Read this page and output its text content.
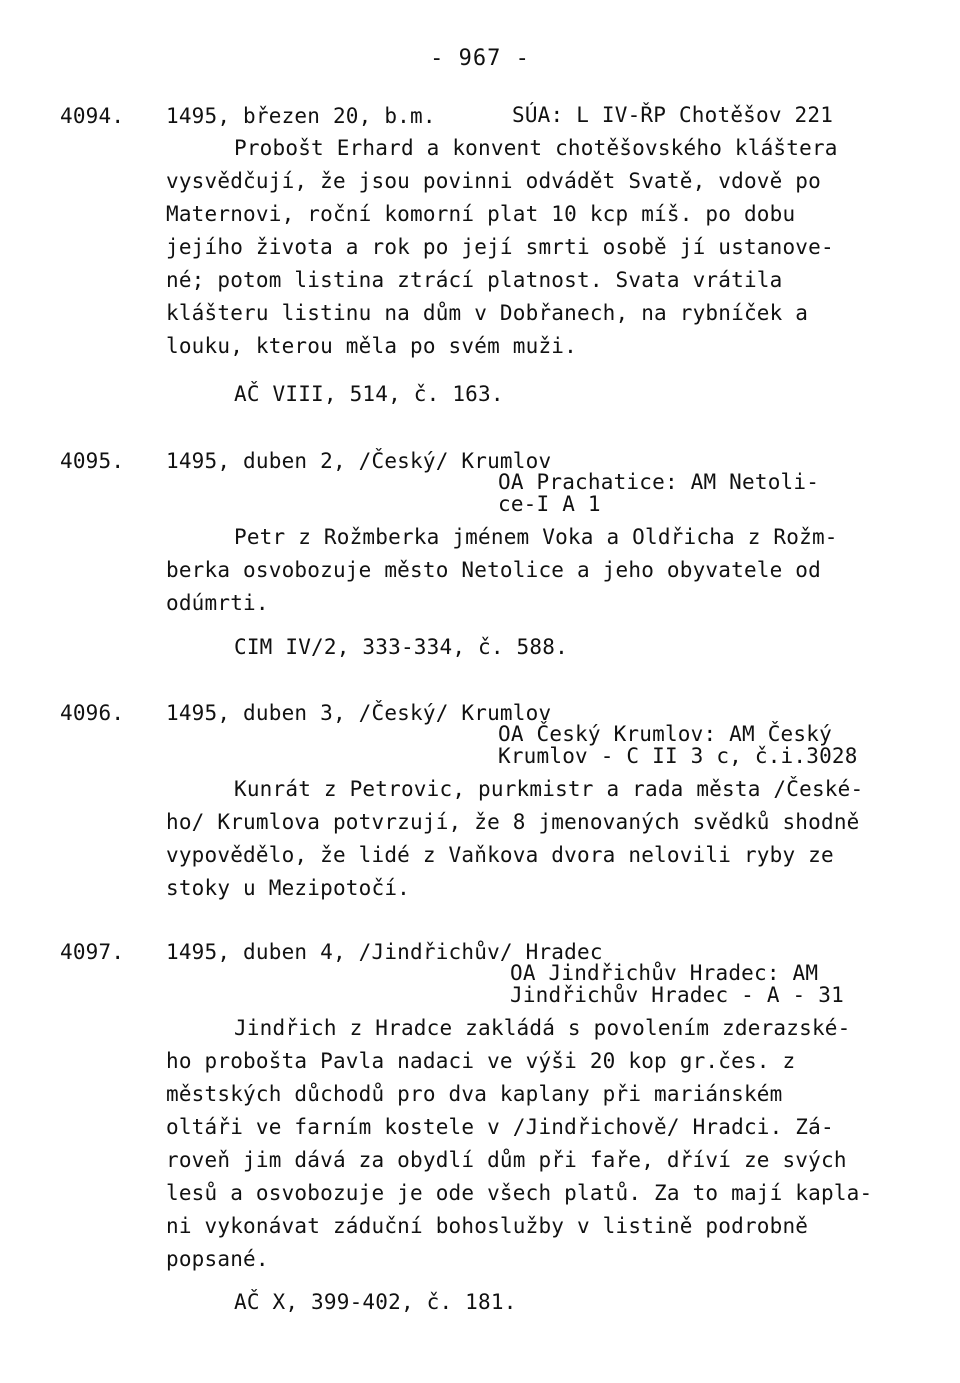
- 967 -
4094. 1495, březen 20, b.m.	SÚA: L IV-ŘP Chotěšov 221
Probošt Erhard a konvent chotěšovského kláštera
vysvědčují, že jsou povinni odvádět Svatě, vdově po
Maternovi, roční komorní plat 10 kcp míš. po dobu
jejího života a rok po její smrti osobě jí ustanove-
né; potom listina ztrácí platnost. Svata vrátila
klášteru listinu na dům v Dobřanech, na rybníček a
louku, kterou měla po svém muži.
AČ VIII, 514, č. 163.
4095. 1495, duben 2, /Český/ Krumlov
OA Prachatice: AM Netoli-
ce-I A 1
Petr z Rožmberka jménem Voka a Oldřicha z Rožm-
berka osvobozuje město Netolice a jeho obyvatele od
odúmrti.
CIM IV/2, 333-334, č. 588.
4096. 1495, duben 3, /Český/ Krumlov
OA Český Krumlov: AM Český
Krumlov - C II 3 c, č.i.3028
Kunrát z Petrovic, purkmistr a rada města /České-
ho/ Krumlova potvrzují, že 8 jmenovaných svědků shodně
vypovědělo, že lidé z Vaňkova dvora nelovili ryby ze
stoky u Mezipotočí.
4097. 1495, duben 4, /Jindřichův/ Hradec
OA Jindřichův Hradec: AM
Jindřichův Hradec - A - 31
Jindřich z Hradce zakládá s povolením zderazské-
ho probošta Pavla nadaci ve výši 20 kop gr.čes. z
městských důchodů pro dva kaplany při mariánském
oltáři ve farním kostele v /Jindřichově/ Hradci. Zá-
roveň jim dává za obydlí dům při faře, dříví ze svých
lesů a osvobozuje je ode všech platů. Za to mají kapla-
ni vykonávat záduční bohoslužby v listině podrobně
popsané.
AČ X, 399-402, č. 181.
